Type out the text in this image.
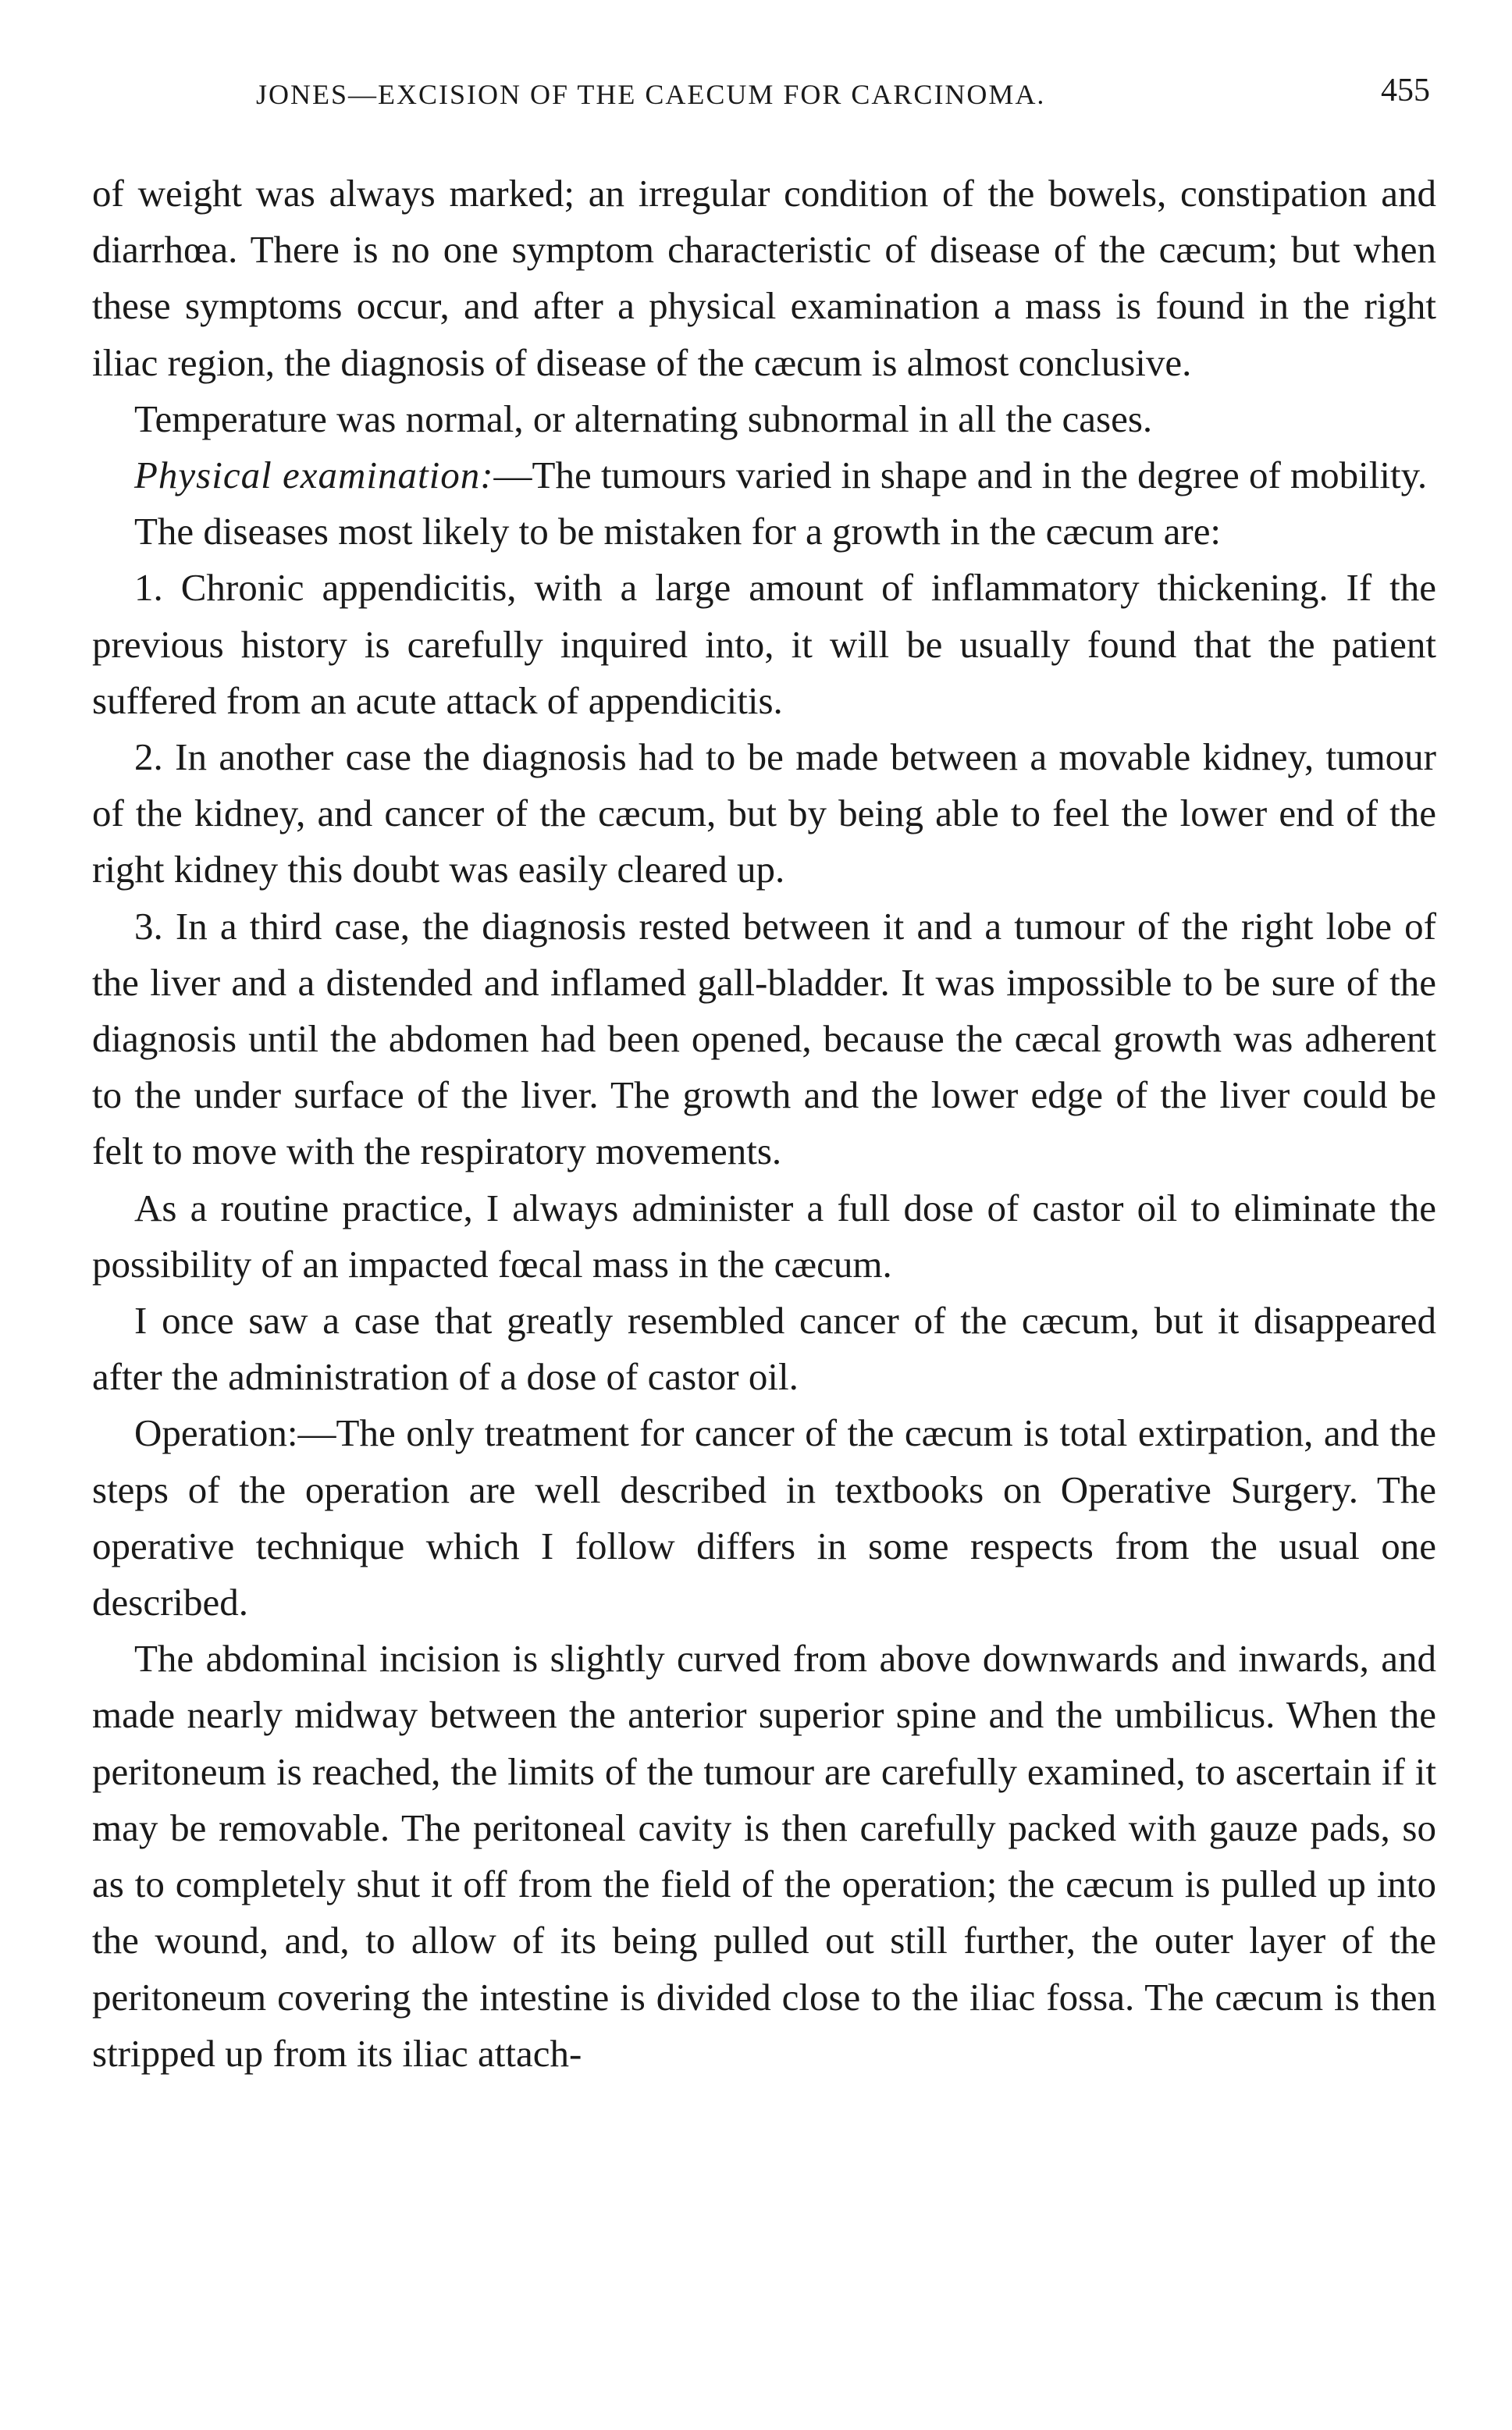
JONES—EXCISION OF THE CAECUM FOR CARCINOMA.	455

of weight was always marked; an irregular condition of the bowels, constipation and diarrhœa. There is no one symptom characteristic of disease of the cæcum; but when these symptoms occur, and after a physical examination a mass is found in the right iliac region, the diagnosis of disease of the cæcum is almost conclusive.

Temperature was normal, or alternating subnormal in all the cases.

Physical examination:—The tumours varied in shape and in the degree of mobility.

The diseases most likely to be mistaken for a growth in the cæcum are:

1. Chronic appendicitis, with a large amount of inflammatory thickening. If the previous history is carefully inquired into, it will be usually found that the patient suffered from an acute attack of appendicitis.

2. In another case the diagnosis had to be made between a movable kidney, tumour of the kidney, and cancer of the cæcum, but by being able to feel the lower end of the right kidney this doubt was easily cleared up.

3. In a third case, the diagnosis rested between it and a tumour of the right lobe of the liver and a distended and inflamed gall-bladder. It was impossible to be sure of the diagnosis until the abdomen had been opened, because the cæcal growth was adherent to the under surface of the liver. The growth and the lower edge of the liver could be felt to move with the respiratory movements.

As a routine practice, I always administer a full dose of castor oil to eliminate the possibility of an impacted fœcal mass in the cæcum.

I once saw a case that greatly resembled cancer of the cæcum, but it disappeared after the administration of a dose of castor oil.

Operation:—The only treatment for cancer of the cæcum is total extirpation, and the steps of the operation are well described in textbooks on Operative Surgery. The operative technique which I follow differs in some respects from the usual one described.

The abdominal incision is slightly curved from above downwards and inwards, and made nearly midway between the anterior superior spine and the umbilicus. When the peritoneum is reached, the limits of the tumour are carefully examined, to ascertain if it may be removable. The peritoneal cavity is then carefully packed with gauze pads, so as to completely shut it off from the field of the operation; the cæcum is pulled up into the wound, and, to allow of its being pulled out still further, the outer layer of the peritoneum covering the intestine is divided close to the iliac fossa. The cæcum is then stripped up from its iliac attach-
